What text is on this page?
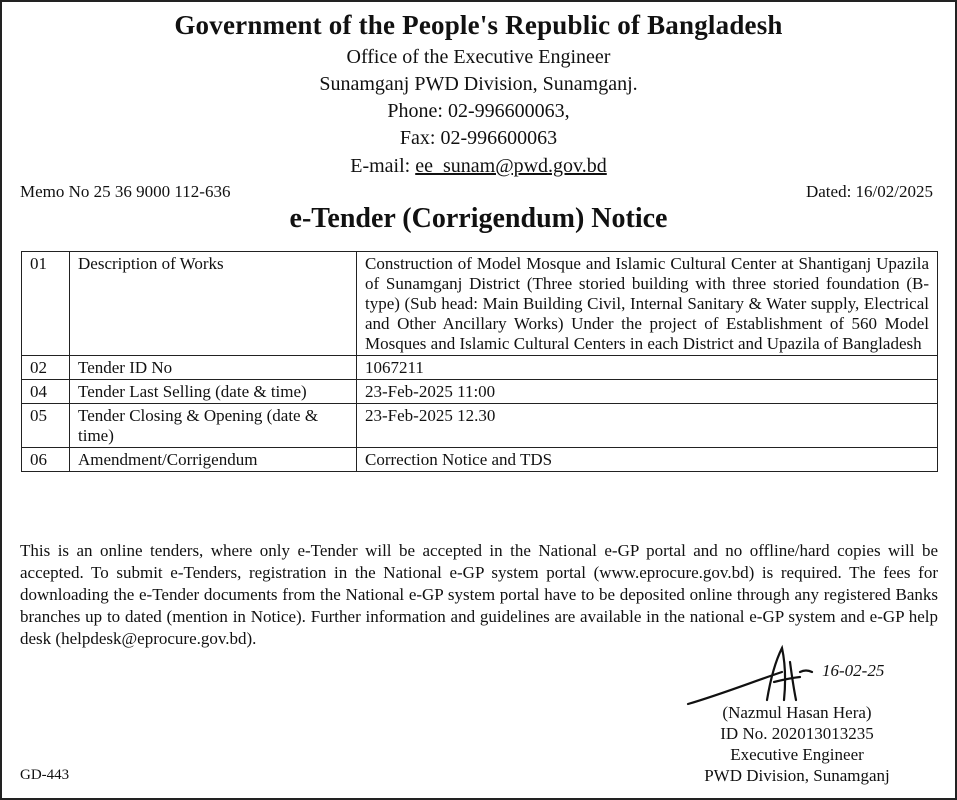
Government of the People's Republic of Bangladesh
Office of the Executive Engineer
Sunamganj PWD Division, Sunamganj.
Phone: 02-996600063,
Fax: 02-996600063
E-mail: ee_sunam@pwd.gov.bd
Memo No 25 36 9000 112-636	Dated: 16/02/2025
e-Tender (Corrigendum) Notice
01	Description of Works	Construction of Model Mosque and Islamic Cultural Center at Shantiganj Upazila of Sunamganj District (Three storied building with three storied foundation (B-type) (Sub head: Main Building Civil, Internal Sanitary & Water supply, Electrical and Other Ancillary Works) Under the project of Establishment of 560 Model Mosques and Islamic Cultural Centers in each District and Upazila of Bangladesh
02	Tender ID No	1067211
04	Tender Last Selling (date & time)	23-Feb-2025 11:00
05	Tender Closing & Opening (date & time)	23-Feb-2025 12.30
06	Amendment/Corrigendum	Correction Notice and TDS
This is an online tenders, where only e-Tender will be accepted in the National e-GP portal and no offline/hard copies will be accepted. To submit e-Tenders, registration in the National e-GP system portal (www.eprocure.gov.bd) is required. The fees for downloading the e-Tender documents from the National e-GP system portal have to be deposited online through any registered Banks branches up to dated (mention in Notice). Further information and guidelines are available in the national e-GP system and e-GP help desk (helpdesk@eprocure.gov.bd).
16-02-25
(Nazmul Hasan Hera)
ID No. 202013013235
Executive Engineer
PWD Division, Sunamganj
GD-443
